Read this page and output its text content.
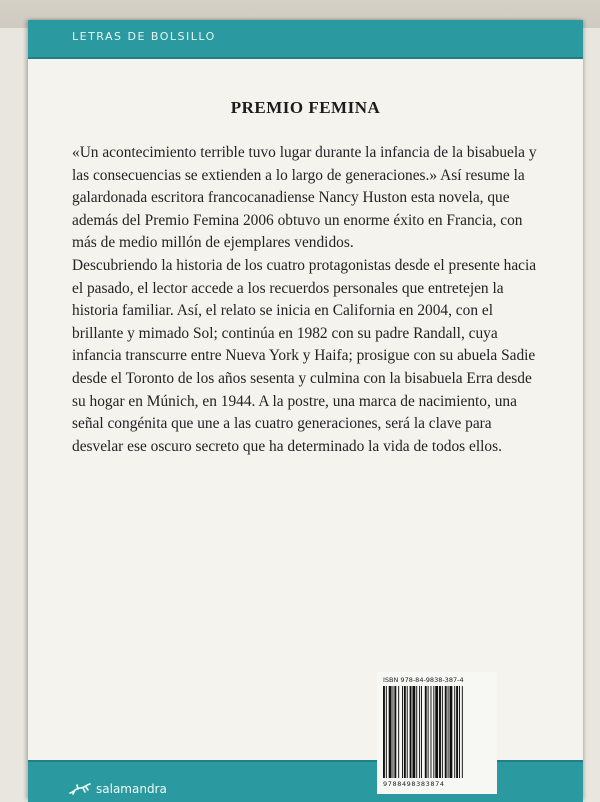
LETRAS DE BOLSILLO
PREMIO FEMINA

«Un acontecimiento terrible tuvo lugar durante la infancia de la bisabuela y las consecuencias se extienden a lo largo de generaciones.» Así resume la galardonada escritora francocanadiense Nancy Huston esta novela, que además del Premio Femina 2006 obtuvo un enorme éxito en Francia, con más de medio millón de ejemplares vendidos.

Descubriendo la historia de los cuatro protagonistas desde el presente hacia el pasado, el lector accede a los recuerdos personales que entretejen la historia familiar. Así, el relato se inicia en California en 2004, con el brillante y mimado Sol; continúa en 1982 con su padre Randall, cuya infancia transcurre entre Nueva York y Haifa; prosigue con su abuela Sadie desde el Toronto de los años sesenta y culmina con la bisabuela Erra desde su hogar en Múnich, en 1944. A la postre, una marca de nacimiento, una señal congénita que une a las cuatro generaciones, será la clave para desvelar ese oscuro secreto que ha determinado la vida de todos ellos.

salamandra
ISBN 978-84-9838-387-4
9788498383874
